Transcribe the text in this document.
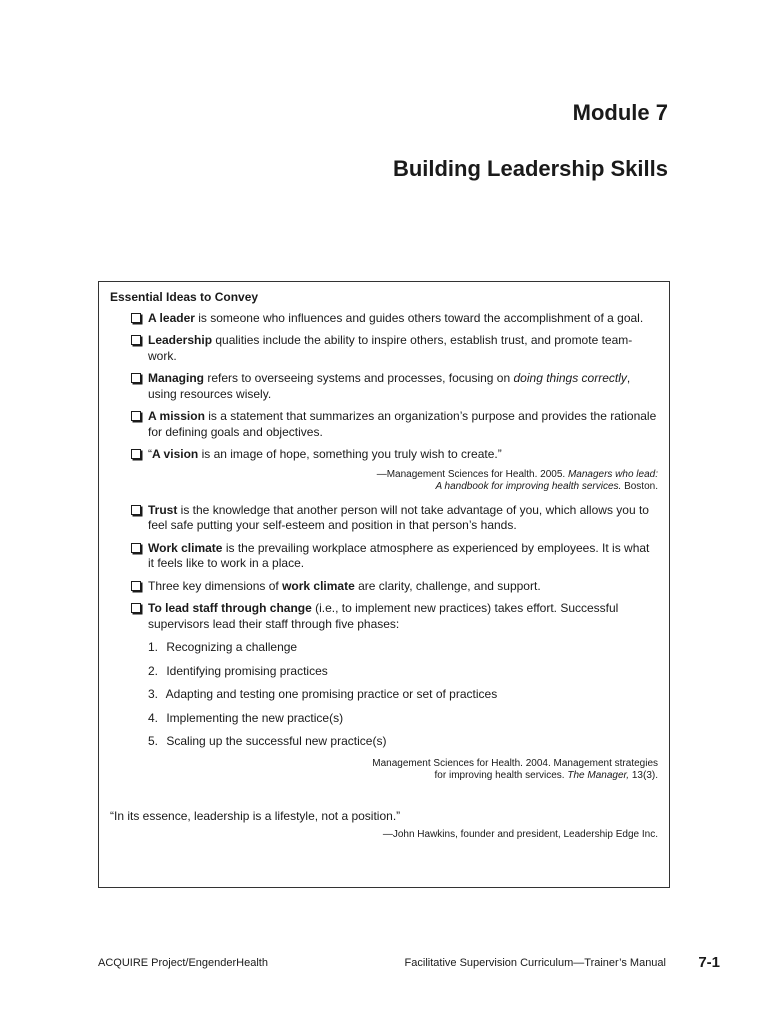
Module 7
Building Leadership Skills
Essential Ideas to Convey
A leader is someone who influences and guides others toward the accomplishment of a goal.
Leadership qualities include the ability to inspire others, establish trust, and promote team-work.
Managing refers to overseeing systems and processes, focusing on doing things correctly, using resources wisely.
A mission is a statement that summarizes an organization’s purpose and provides the rationale for defining goals and objectives.
“A vision is an image of hope, something you truly wish to create.”
—Management Sciences for Health. 2005. Managers who lead:
A handbook for improving health services. Boston.
Trust is the knowledge that another person will not take advantage of you, which allows you to feel safe putting your self-esteem and position in that person’s hands.
Work climate is the prevailing workplace atmosphere as experienced by employees. It is what it feels like to work in a place.
Three key dimensions of work climate are clarity, challenge, and support.
To lead staff through change (i.e., to implement new practices) takes effort. Successful supervisors lead their staff through five phases:
1. Recognizing a challenge
2. Identifying promising practices
3. Adapting and testing one promising practice or set of practices
4. Implementing the new practice(s)
5. Scaling up the successful new practice(s)
Management Sciences for Health. 2004. Management strategies
for improving health services. The Manager, 13(3).
“In its essence, leadership is a lifestyle, not a position.”
—John Hawkins, founder and president, Leadership Edge Inc.
ACQUIRE Project/EngenderHealth	Facilitative Supervision Curriculum—Trainer’s Manual 7-1
